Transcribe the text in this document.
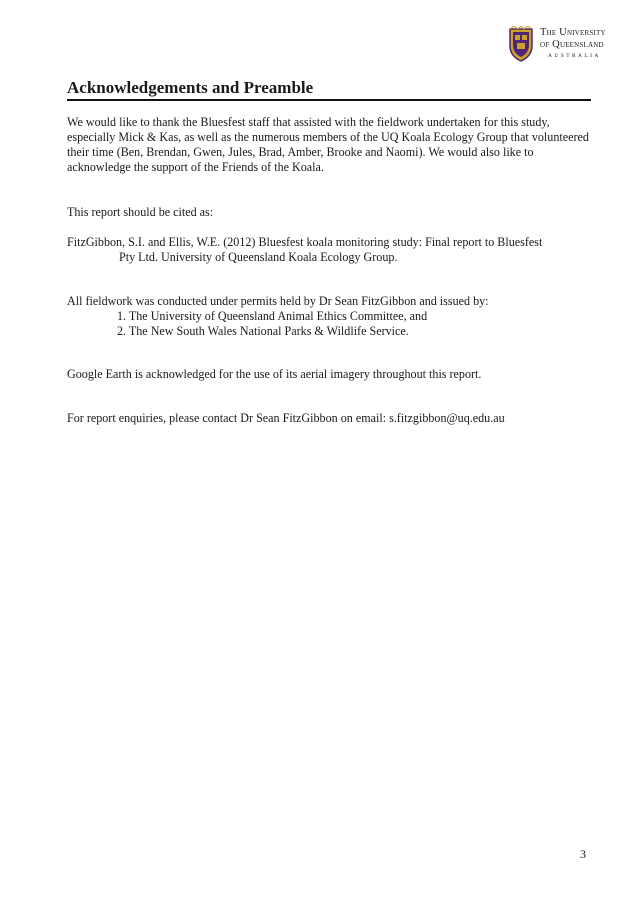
The University
of Queensland
AUSTRALIA
Acknowledgements and Preamble

We would like to thank the Bluesfest staff that assisted with the fieldwork undertaken for this study, especially Mick & Kas, as well as the numerous members of the UQ Koala Ecology Group that volunteered their time (Ben, Brendan, Gwen, Jules, Brad, Amber, Brooke and Naomi). We would also like to acknowledge the support of the Friends of the Koala.

This report should be cited as:

FitzGibbon, S.I. and Ellis, W.E. (2012) Bluesfest koala monitoring study: Final report to Bluesfest
Pty Ltd. University of Queensland Koala Ecology Group.

All fieldwork was conducted under permits held by Dr Sean FitzGibbon and issued by:
1. The University of Queensland Animal Ethics Committee, and
2. The New South Wales National Parks & Wildlife Service.

Google Earth is acknowledged for the use of its aerial imagery throughout this report.

For report enquiries, please contact Dr Sean FitzGibbon on email: s.fitzgibbon@uq.edu.au

3
